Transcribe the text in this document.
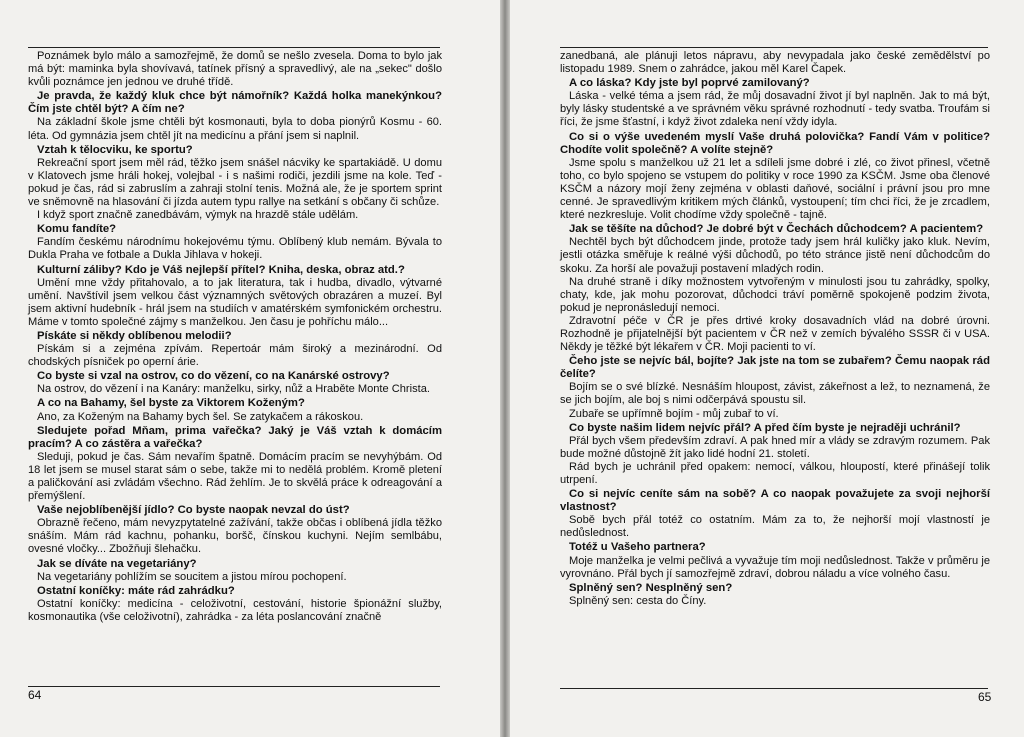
Poznámek bylo málo a samozřejmě, že domů se nešlo zvesela. Doma to bylo jak má být: maminka byla shovívavá, tatínek přísný a spravedlivý, ale na „sekec" došlo kvůli poznámce jen jednou ve druhé třídě.

Je pravda, že každý kluk chce být námořník? Každá holka manekýnkou? Čím jste chtěl být? A čím ne?

Na základní škole jsme chtěli být kosmonauti, byla to doba pionýrů Kosmu - 60. léta. Od gymnázia jsem chtěl jít na medicínu a přání jsem si naplnil.

Vztah k tělocviku, ke sportu?

Rekreační sport jsem měl rád, těžko jsem snášel nácviky ke spartakiádě. U domu v Klatovech jsme hráli hokej, volejbal - i s našimi rodiči, jezdili jsme na kole. Teď - pokud je čas, rád si zabruslím a zahraji stolní tenis. Možná ale, že je sportem sprint ve sněmovně na hlasování či jízda autem typu rallye na setkání s občany či schůze.

I když sport značně zanedbávám, výmyk na hrazdě stále udělám.

Komu fandíte?

Fandím českému národnímu hokejovému týmu. Oblíbený klub nemám. Bývala to Dukla Praha ve fotbale a Dukla Jihlava v hokeji.

Kulturní záliby? Kdo je Váš nejlepší přítel? Kniha, deska, obraz atd.?

Umění mne vždy přitahovalo, a to jak literatura, tak i hudba, divadlo, výtvarné umění. Navštívil jsem velkou část významných světových obrazáren a muzeí. Byl jsem aktivní hudebník - hrál jsem na studiích v amatérském symfonickém orchestru. Máme v tomto společné zájmy s manželkou. Jen času je pohříchu málo...

Pískáte si někdy oblíbenou melodii?

Pískám si a zejména zpívám. Repertoár mám široký a mezinárodní. Od chodských písniček po operní árie.

Co byste si vzal na ostrov, co do vězení, co na Kanárské ostrovy?

Na ostrov, do vězení i na Kanáry: manželku, sirky, nůž a Hraběte Monte Christa.

A co na Bahamy, šel byste za Viktorem Koženým?

Ano, za Koženým na Bahamy bych šel. Se zatykačem a rákoskou.

Sledujete pořad Mňam, prima vařečka? Jaký je Váš vztah k domácím pracím? A co zástěra a vařečka?

Sleduji, pokud je čas. Sám nevařím špatně. Domácím pracím se nevyhýbám. Od 18 let jsem se musel starat sám o sebe, takže mi to nedělá problém. Kromě pletení a paličkování asi zvládám všechno. Rád žehlím. Je to skvělá práce k odreagování a přemýšlení.

Vaše nejoblíbenější jídlo? Co byste naopak nevzal do úst?

Obrazně řečeno, mám nevyzpytatelné zažívání, takže občas i oblíbená jídla těžko snáším. Mám rád kachnu, pohanku, boršč, čínskou kuchyni. Nejím semlbábu, ovesné vločky... Zbožňuji šlehačku.

Jak se díváte na vegetariány?

Na vegetariány pohlížím se soucitem a jistou mírou pochopení.

Ostatní koníčky: máte rád zahrádku?

Ostatní koníčky: medicína - celoživotní, cestování, historie špionážní služby, kosmonautika (vše celoživotní), zahrádka - za léta poslancování značně

64

zanedbaná, ale plánuji letos nápravu, aby nevypadala jako české zemědělství po listopadu 1989. Snem o zahrádce, jakou měl Karel Čapek.

A co láska? Kdy jste byl poprvé zamilovaný?

Láska - velké téma a jsem rád, že můj dosavadní život jí byl naplněn. Jak to má být, byly lásky studentské a ve správném věku správné rozhodnutí - tedy svatba. Troufám si říci, že jsme šťastní, i když život zdaleka není vždy idyla.

Co si o výše uvedeném myslí Vaše druhá polovička? Fandí Vám v politice? Chodíte volit společně? A volíte stejně?

Jsme spolu s manželkou už 21 let a sdíleli jsme dobré i zlé, co život přinesl, včetně toho, co bylo spojeno se vstupem do politiky v roce 1990 za KSČM. Jsme oba členové KSČM a názory mojí ženy zejména v oblasti daňové, sociální i právní jsou pro mne cenné. Je spravedlivým kritikem mých článků, vystoupení; tím chci říci, že je zrcadlem, které nezkresluje. Volit chodíme vždy společně - tajně.

Jak se těšíte na důchod? Je dobré být v Čechách důchodcem? A pacientem?

Nechtěl bych být důchodcem jinde, protože tady jsem hrál kuličky jako kluk. Nevím, jestli otázka směřuje k reálné výši důchodů, po této stránce jistě není důchodcům do skoku. Za horší ale považuji postavení mladých rodin.

Na druhé straně i díky možnostem vytvořeným v minulosti jsou tu zahrádky, spolky, chaty, kde, jak mohu pozorovat, důchodci tráví poměrně spokojeně podzim života, pokud je nepronásledují nemoci.

Zdravotní péče v ČR je přes drtivé kroky dosavadních vlád na dobré úrovni. Rozhodně je přijatelnější být pacientem v ČR než v zemích bývalého SSSR či v USA. Někdy je těžké být lékařem v ČR. Moji pacienti to ví.

Čeho jste se nejvíc bál, bojíte? Jak jste na tom se zubařem? Čemu naopak rád čelíte?

Bojím se o své blízké. Nesnáším hloupost, závist, zákeřnost a lež, to neznamená, že se jich bojím, ale boj s nimi odčerpává spoustu sil.

Zubaře se upřímně bojím - můj zubař to ví.

Co byste našim lidem nejvíc přál? A před čím byste je nejraději uchránil?

Přál bych všem především zdraví. A pak hned mír a vlády se zdravým rozumem. Pak bude možné důstojně žít jako lidé hodní 21. století.

Rád bych je uchránil před opakem: nemocí, válkou, hloupostí, které přinášejí tolik utrpení.

Co si nejvíc ceníte sám na sobě? A co naopak považujete za svoji nejhorší vlastnost?

Sobě bych přál totéž co ostatním. Mám za to, že nejhorší mojí vlastností je nedůslednost.

Totéž u Vašeho partnera?

Moje manželka je velmi pečlivá a vyvažuje tím moji nedůslednost. Takže v průměru je vyrovnáno. Přál bych jí samozřejmě zdraví, dobrou náladu a více volného času.

Splněný sen? Nesplněný sen?

Splněný sen: cesta do Číny.

65
